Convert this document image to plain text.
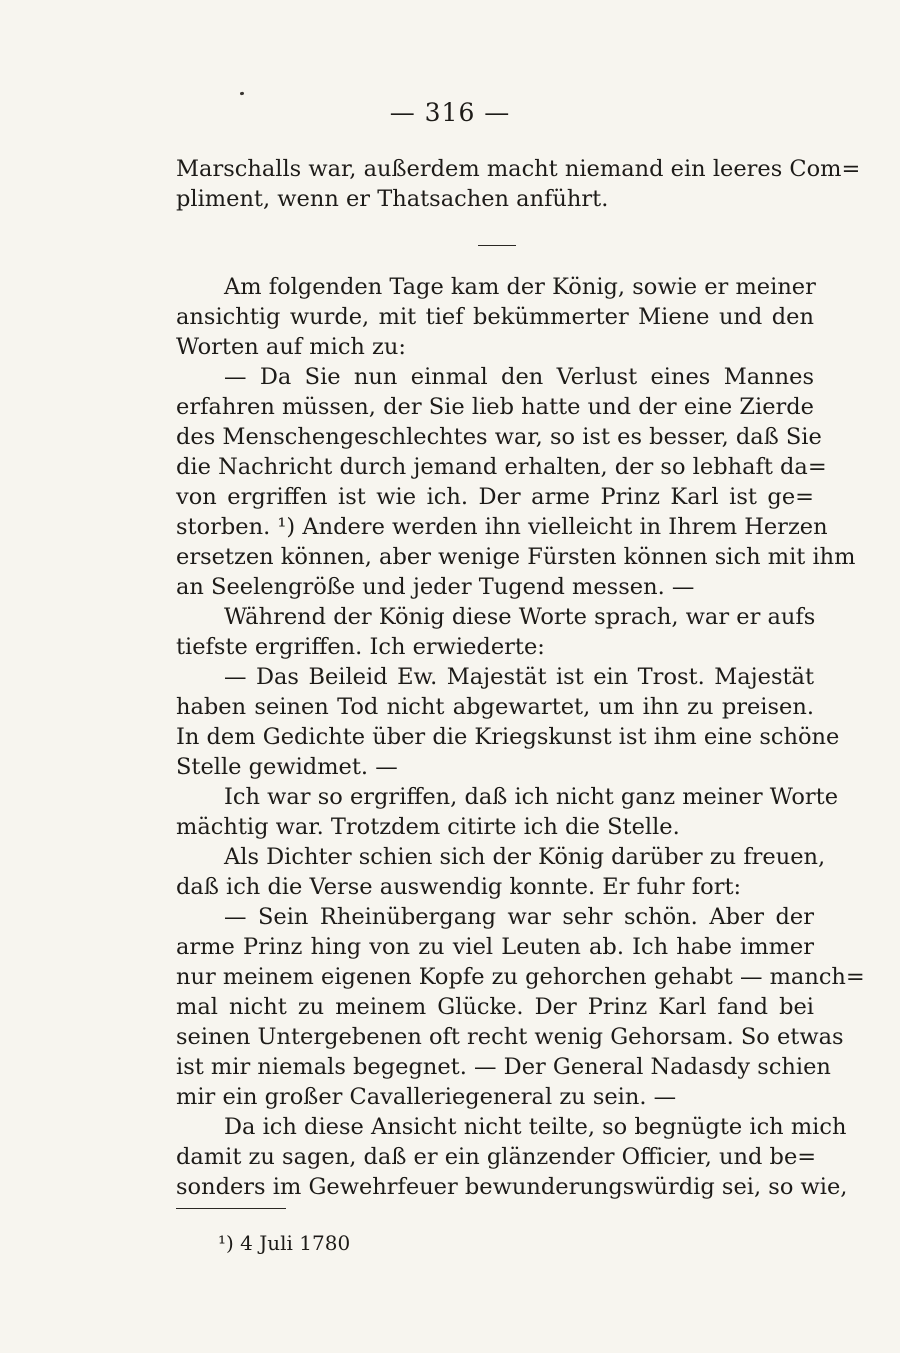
— 316 —
Marschalls war, außerdem macht niemand ein leeres Com=
pliment, wenn er Thatsachen anführt.
Am folgenden Tage kam der König, sowie er meiner
ansichtig wurde, mit tief bekümmerter Miene und den
Worten auf mich zu:
— Da Sie nun einmal den Verlust eines Mannes
erfahren müssen, der Sie lieb hatte und der eine Zierde
des Menschengeschlechtes war, so ist es besser, daß Sie
die Nachricht durch jemand erhalten, der so lebhaft da=
von ergriffen ist wie ich. Der arme Prinz Karl ist ge=
storben. ¹) Andere werden ihn vielleicht in Ihrem Herzen
ersetzen können, aber wenige Fürsten können sich mit ihm
an Seelengröße und jeder Tugend messen. —
Während der König diese Worte sprach, war er aufs
tiefste ergriffen. Ich erwiederte:
— Das Beileid Ew. Majestät ist ein Trost. Majestät
haben seinen Tod nicht abgewartet, um ihn zu preisen.
In dem Gedichte über die Kriegskunst ist ihm eine schöne
Stelle gewidmet. —
Ich war so ergriffen, daß ich nicht ganz meiner Worte
mächtig war. Trotzdem citirte ich die Stelle.
Als Dichter schien sich der König darüber zu freuen,
daß ich die Verse auswendig konnte. Er fuhr fort:
— Sein Rheinübergang war sehr schön. Aber der
arme Prinz hing von zu viel Leuten ab. Ich habe immer
nur meinem eigenen Kopfe zu gehorchen gehabt — manch=
mal nicht zu meinem Glücke. Der Prinz Karl fand bei
seinen Untergebenen oft recht wenig Gehorsam. So etwas
ist mir niemals begegnet. — Der General Nadasdy schien
mir ein großer Cavalleriegeneral zu sein. —
Da ich diese Ansicht nicht teilte, so begnügte ich mich
damit zu sagen, daß er ein glänzender Officier, und be=
sonders im Gewehrfeuer bewunderungswürdig sei, so wie,
¹) 4 Juli 1780
